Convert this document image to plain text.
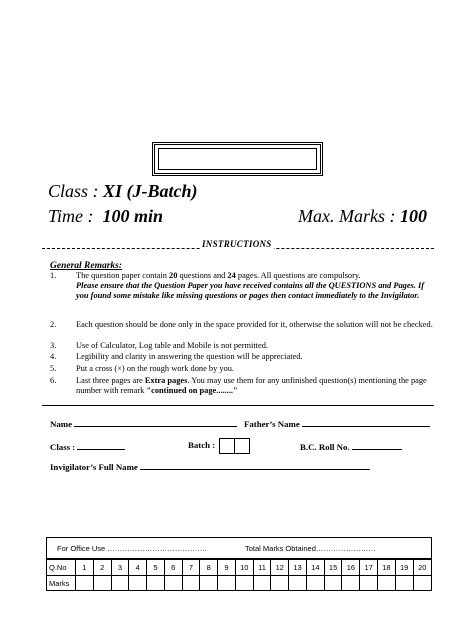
Class : XI (J-Batch)
Time :  100 min	Max. Marks : 100
INSTRUCTIONS
General Remarks:
1. The question paper contain 20 questions and 24 pages. All questions are compulsory.
Please ensure that the Question Paper you have received contains all the QUESTIONS and Pages. If you found some mistake like missing questions or pages then contact immediately to the Invigilator.
2. Each question should be done only in the space provided for it, otherwise the solution will not be checked.
3. Use of Calculator, Log table and Mobile is not permitted.
4. Legibility and clarity in answering the question will be appreciated.
5. Put a cross (×) on the rough work done by you.
6. Last three pages are Extra pages. You may use them for any unfinished question(s) mentioning the page number with remark "continued on page........"
Name	Father’s Name
Class :	Batch :	B.C. Roll No.
Invigilator’s Full Name
For Office Use ………………………………….	Total Marks Obtained……………………
Q.No	1	2	3	4	5	6	7	8	9	10	11	12	13	14	15	16	17	18	19	20
Marks																				
